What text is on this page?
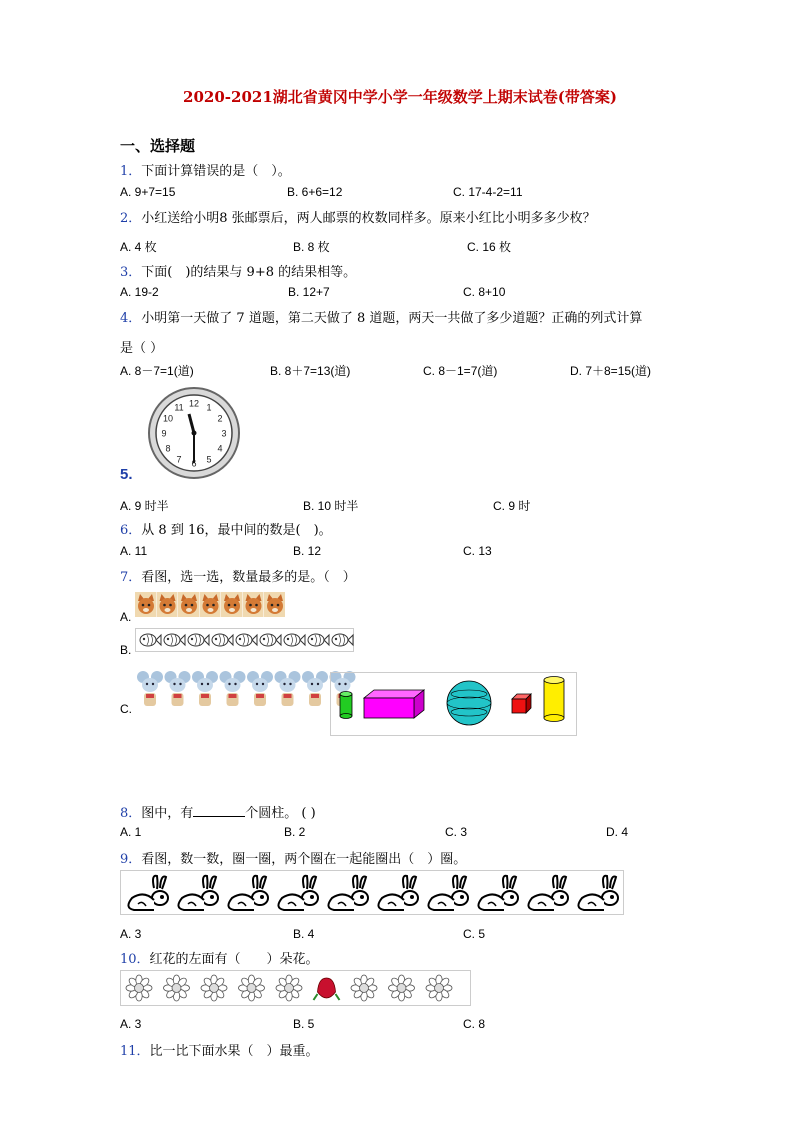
2020-2021湖北省黄冈中学小学一年级数学上期末试卷(带答案)
一、选择题
1．下面计算错误的是（　）。
A. 9+7=15	B. 6+6=12	C. 17-4-2=11
2．小红送给小明8 张邮票后，两人邮票的枚数同样多。原来小红比小明多多少枚？
A. 4 枚	B. 8 枚	C. 16 枚
3．下面(　)的结果与 9+8 的结果相等。
A. 19-2	B. 12+7	C. 8+10
4．小明第一天做了 7 道题，第二天做了 8 道题，两天一共做了多少道题？正确的列式计算
是（ ）
A. 8－7=1(道)	B. 8＋7=13(道)	C. 8－1=7(道)	D. 7＋8=15(道)
12 1
2
3
4
5
6
7
8
9
10
11
5.
A. 9 时半	B. 10 时半	C. 9 时
6．从 8 到 16，最中间的数是(　)。
A. 11	B. 12	C. 13
7．看图，选一选，数量最多的是。（　）
A.
B.
C.
8．图中，有	个圆柱。 ( )
A. 1	B. 2	C. 3	D. 4
9．看图，数一数，圈一圈，两个圈在一起能圈出（　）圈。
A. 3	B. 4	C. 5
10．红花的左面有（　　）朵花。
A. 3	B. 5	C. 8
11．比一比下面水果（　）最重。
